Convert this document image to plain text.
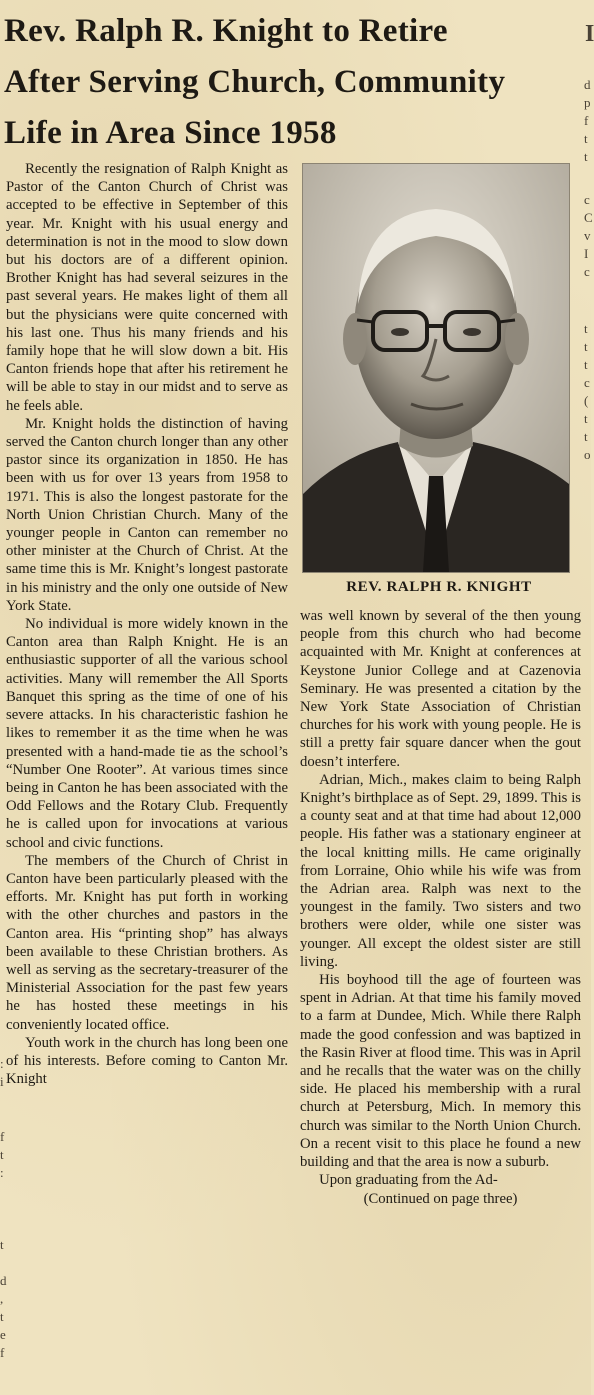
Rev. Ralph R. Knight to Retire
After Serving Church, Community
Life in Area Since 1958
I
d
p
f
t
t
c
C
v
I
c
t
t
t
c
(
t
t
o
:
i
f
t
:
t
d
,
t
e
f

Recently the resignation of Ralph Knight as Pastor of the Canton Church of Christ was accepted to be effective in September of this year. Mr. Knight with his usual energy and determination is not in the mood to slow down but his doctors are of a different opinion. Brother Knight has had several seizures in the past several years. He makes light of them all but the physicians were quite concerned with his last one. Thus his many friends and his family hope that he will slow down a bit. His Canton friends hope that after his retirement he will be able to stay in our midst and to serve as he feels able.

Mr. Knight holds the distinction of having served the Canton church longer than any other pastor since its organization in 1850. He has been with us for over 13 years from 1958 to 1971. This is also the longest pastorate for the North Union Christian Church. Many of the younger people in Canton can remember no other minister at the Church of Christ. At the same time this is Mr. Knight’s longest pastorate in his ministry and the only one outside of New York State.

No individual is more widely known in the Canton area than Ralph Knight. He is an enthusiastic supporter of all the various school activities. Many will remember the All Sports Banquet this spring as the time of one of his severe attacks. In his characteristic fashion he likes to remember it as the time when he was presented with a hand-made tie as the school’s “Number One Rooter”. At various times since being in Canton he has been associated with the Odd Fellows and the Rotary Club. Frequently he is called upon for invocations at various school and civic functions.

The members of the Church of Christ in Canton have been particularly pleased with the efforts. Mr. Knight has put forth in working with the other churches and pastors in the Canton area. His “printing shop” has always been available to these Christian brothers. As well as serving as the secretary-treasurer of the Ministerial Association for the past few years he has hosted these meetings in his conveniently located office.

Youth work in the church has long been one of his interests. Before coming to Canton Mr. Knight

REV. RALPH R. KNIGHT

was well known by several of the then young people from this church who had become acquainted with Mr. Knight at conferences at Keystone Junior College and at Cazenovia Seminary. He was presented a citation by the New York State Association of Christian churches for his work with young people. He is still a pretty fair square dancer when the gout doesn’t interfere.

Adrian, Mich., makes claim to being Ralph Knight’s birthplace as of Sept. 29, 1899. This is a county seat and at that time had about 12,000 people. His father was a stationary engineer at the local knitting mills. He came originally from Lorraine, Ohio while his wife was from the Adrian area. Ralph was next to the youngest in the family. Two sisters and two brothers were older, while one sister was younger. All except the oldest sister are still living.

His boyhood till the age of fourteen was spent in Adrian. At that time his family moved to a farm at Dundee, Mich. While there Ralph made the good confession and was baptized in the Rasin River at flood time. This was in April and he recalls that the water was on the chilly side. He placed his membership with a rural church at Petersburg, Mich. In memory this church was similar to the North Union Church. On a recent visit to this place he found a new building and that the area is now a suburb.

Upon graduating from the Ad-

(Continued on page three)
